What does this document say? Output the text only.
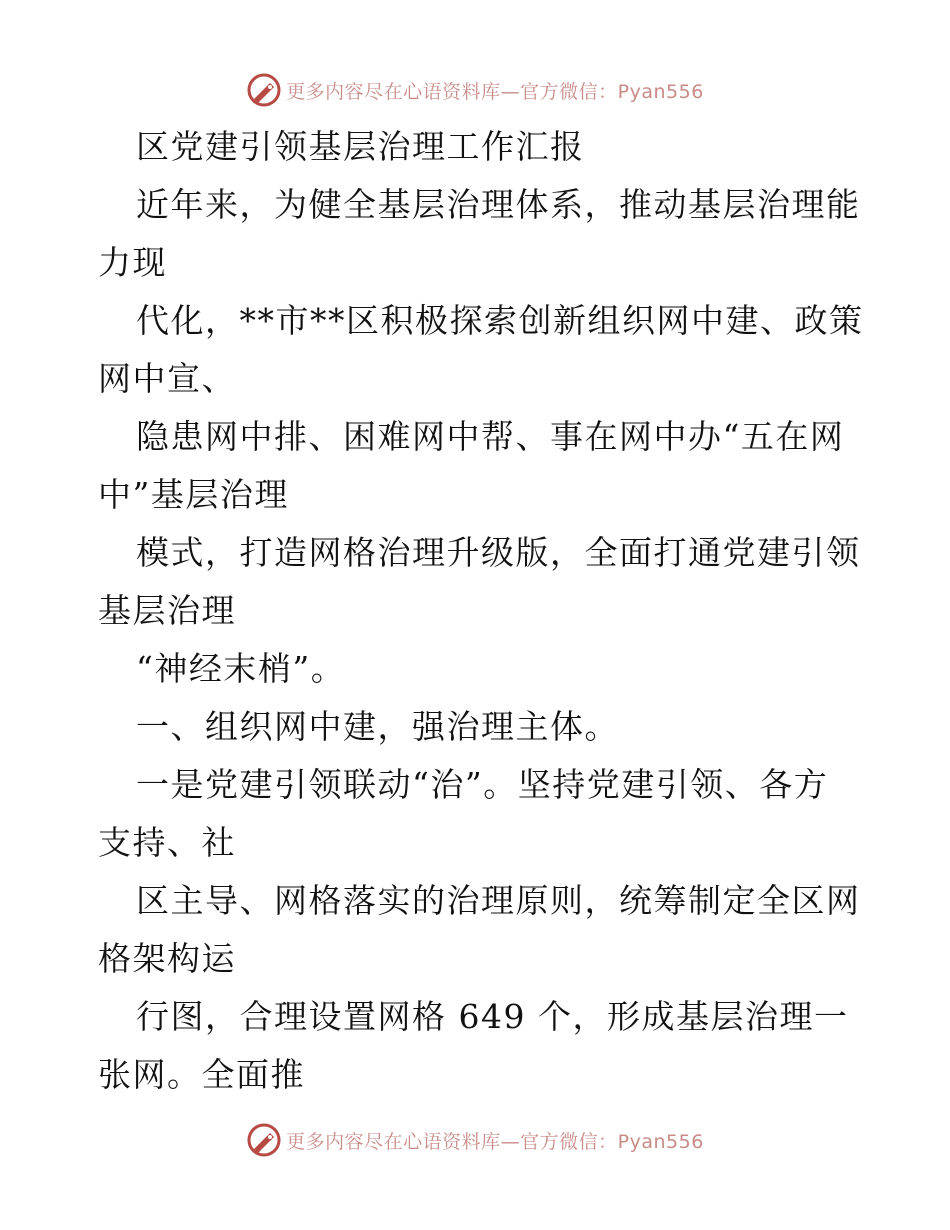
更多内容尽在心语资料库—官方微信：Pyan556
区党建引领基层治理工作汇报
近年来，为健全基层治理体系，推动基层治理能
力现
代化，**市**区积极探索创新组织网中建、政策
网中宣、
隐患网中排、困难网中帮、事在网中办“五在网
中”基层治理
模式，打造网格治理升级版，全面打通党建引领
基层治理
“神经末梢”。
一、组织网中建，强治理主体。
一是党建引领联动“治”。坚持党建引领、各方
支持、社
区主导、网格落实的治理原则，统筹制定全区网
格架构运
行图，合理设置网格 649 个，形成基层治理一
张网。全面推
更多内容尽在心语资料库—官方微信：Pyan556
